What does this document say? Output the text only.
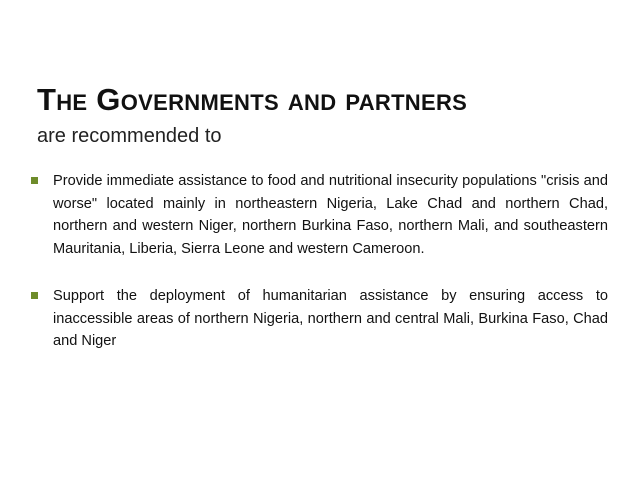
The Governments and partners

are recommended to

Provide immediate assistance to food and nutritional insecurity populations "crisis and worse" located mainly in northeastern Nigeria, Lake Chad and northern Chad, northern and western Niger, northern Burkina Faso, northern Mali, and southeastern Mauritania, Liberia, Sierra Leone and western Cameroon.
Support the deployment of humanitarian assistance by ensuring access to inaccessible areas of northern Nigeria, northern and central Mali, Burkina Faso, Chad and Niger
